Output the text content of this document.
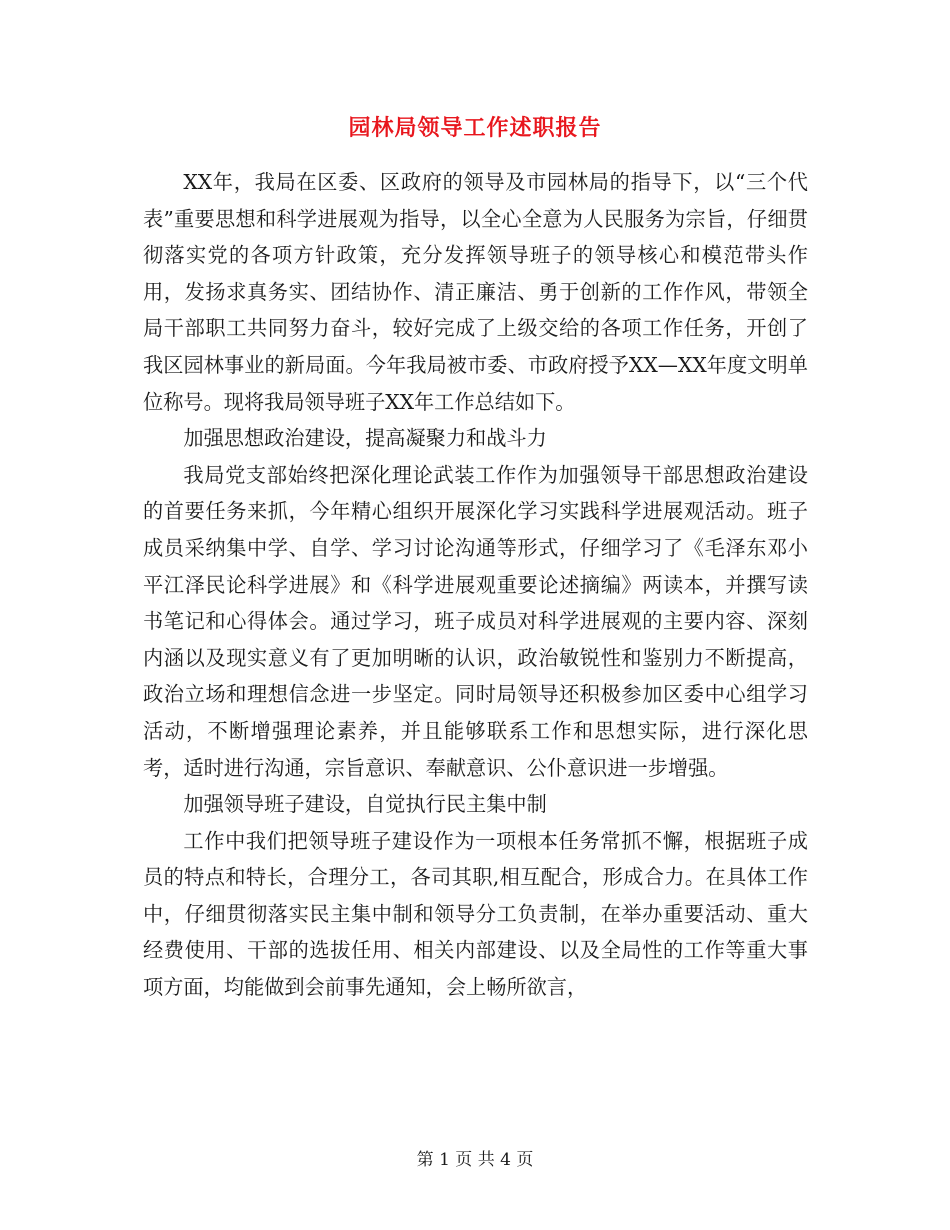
园林局领导工作述职报告

XX年，我局在区委、区政府的领导及市园林局的指导下，以“三个代表”重要思想和科学进展观为指导，以全心全意为人民服务为宗旨，仔细贯彻落实党的各项方针政策，充分发挥领导班子的领导核心和模范带头作用，发扬求真务实、团结协作、清正廉洁、勇于创新的工作作风，带领全局干部职工共同努力奋斗，较好完成了上级交给的各项工作任务，开创了我区园林事业的新局面。今年我局被市委、市政府授予XX—XX年度文明单位称号。现将我局领导班子XX年工作总结如下。

加强思想政治建设，提高凝聚力和战斗力

我局党支部始终把深化理论武装工作作为加强领导干部思想政治建设的首要任务来抓，今年精心组织开展深化学习实践科学进展观活动。班子成员采纳集中学、自学、学习讨论沟通等形式，仔细学习了《毛泽东邓小平江泽民论科学进展》和《科学进展观重要论述摘编》两读本，并撰写读书笔记和心得体会。通过学习，班子成员对科学进展观的主要内容、深刻内涵以及现实意义有了更加明晰的认识，政治敏锐性和鉴别力不断提高，政治立场和理想信念进一步坚定。同时局领导还积极参加区委中心组学习活动，不断增强理论素养，并且能够联系工作和思想实际，进行深化思考，适时进行沟通，宗旨意识、奉献意识、公仆意识进一步增强。

加强领导班子建设，自觉执行民主集中制

工作中我们把领导班子建设作为一项根本任务常抓不懈，根据班子成员的特点和特长，合理分工，各司其职,相互配合，形成合力。在具体工作中，仔细贯彻落实民主集中制和领导分工负责制，在举办重要活动、重大经费使用、干部的选拔任用、相关内部建设、以及全局性的工作等重大事项方面，均能做到会前事先通知，会上畅所欲言，

第 1 页 共 4 页
